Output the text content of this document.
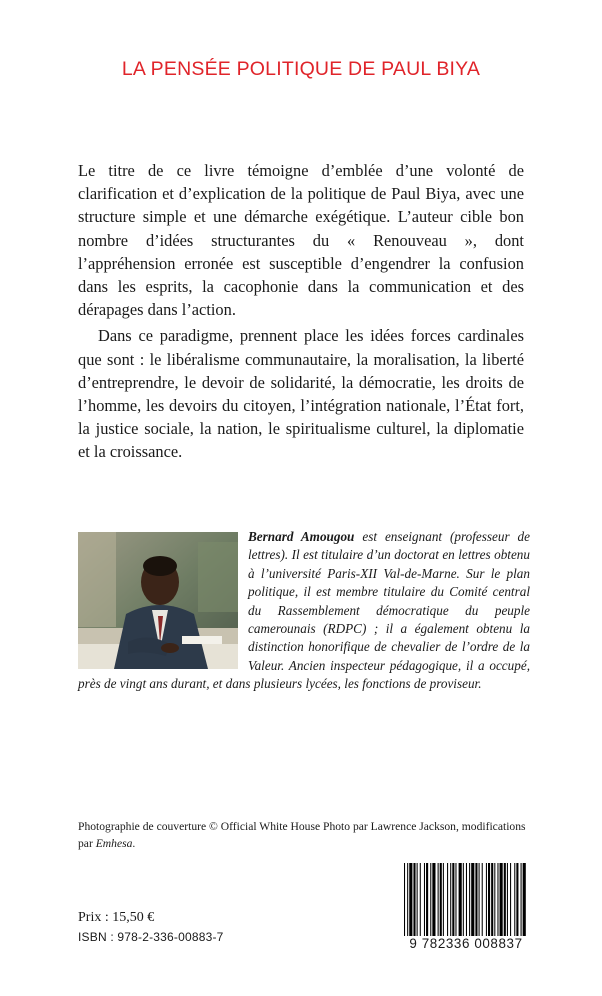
LA PENSÉE POLITIQUE DE PAUL BIYA

Le titre de ce livre témoigne d’emblée d’une volonté de clarification et d’explication de la politique de Paul Biya, avec une structure simple et une démarche exégétique. L’auteur cible bon nombre d’idées structurantes du « Renouveau », dont l’appréhension erronée est susceptible d’engendrer la confusion dans les esprits, la cacophonie dans la communication et des dérapages dans l’action.

Dans ce paradigme, prennent place les idées forces cardinales que sont : le libéralisme communautaire, la moralisation, la liberté d’entreprendre, le devoir de solidarité, la démocratie, les droits de l’homme, les devoirs du citoyen, l’intégration nationale, l’État fort, la justice sociale, la nation, le spiritualisme culturel, la diplomatie et la croissance.

Bernard Amougou est enseignant (professeur de lettres). Il est titulaire d’un doctorat en lettres obtenu à l’université Paris-XII Val-de-Marne. Sur le plan politique, il est membre titulaire du Comité central du Rassemblement démocratique du peuple camerounais (RDPC) ; il a également obtenu la distinction honorifique de chevalier de l’ordre de la Valeur. Ancien inspecteur pédagogique, il a occupé, près de vingt ans durant, et dans plusieurs lycées, les fonctions de proviseur.
Photographie de couverture © Official White House Photo par Lawrence Jackson, modifications par Emhesa.
Prix : 15,50 €
ISBN : 978-2-336-00883-7	9 782336 008837
